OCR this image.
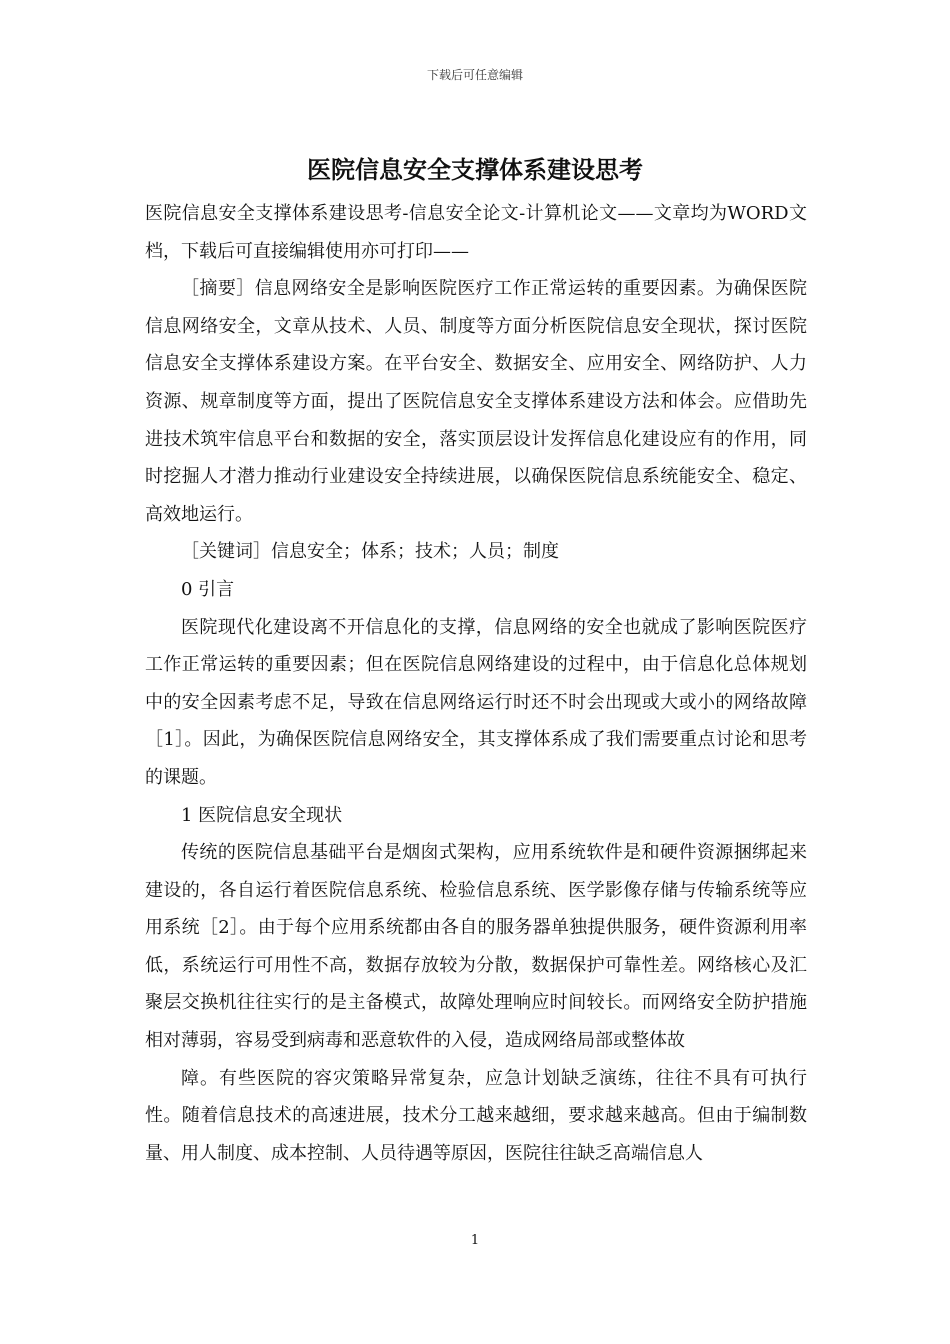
下载后可任意编辑
医院信息安全支撑体系建设思考

医院信息安全支撑体系建设思考-信息安全论文-计算机论文——文章均为WORD文档，下载后可直接编辑使用亦可打印——

［摘要］信息网络安全是影响医院医疗工作正常运转的重要因素。为确保医院信息网络安全，文章从技术、人员、制度等方面分析医院信息安全现状，探讨医院信息安全支撑体系建设方案。在平台安全、数据安全、应用安全、网络防护、人力资源、规章制度等方面，提出了医院信息安全支撑体系建设方法和体会。应借助先进技术筑牢信息平台和数据的安全，落实顶层设计发挥信息化建设应有的作用，同时挖掘人才潜力推动行业建设安全持续进展，以确保医院信息系统能安全、稳定、高效地运行。

［关键词］信息安全；体系；技术；人员；制度

0 引言

医院现代化建设离不开信息化的支撑，信息网络的安全也就成了影响医院医疗工作正常运转的重要因素；但在医院信息网络建设的过程中，由于信息化总体规划中的安全因素考虑不足，导致在信息网络运行时还不时会出现或大或小的网络故障［1］。因此，为确保医院信息网络安全，其支撑体系成了我们需要重点讨论和思考的课题。

1 医院信息安全现状

传统的医院信息基础平台是烟囱式架构，应用系统软件是和硬件资源捆绑起来建设的，各自运行着医院信息系统、检验信息系统、医学影像存储与传输系统等应用系统［2］。由于每个应用系统都由各自的服务器单独提供服务，硬件资源利用率低，系统运行可用性不高，数据存放较为分散，数据保护可靠性差。网络核心及汇聚层交换机往往实行的是主备模式，故障处理响应时间较长。而网络安全防护措施相对薄弱，容易受到病毒和恶意软件的入侵，造成网络局部或整体故

障。有些医院的容灾策略异常复杂，应急计划缺乏演练，往往不具有可执行性。随着信息技术的高速进展，技术分工越来越细，要求越来越高。但由于编制数量、用人制度、成本控制、人员待遇等原因，医院往往缺乏高端信息人

1
